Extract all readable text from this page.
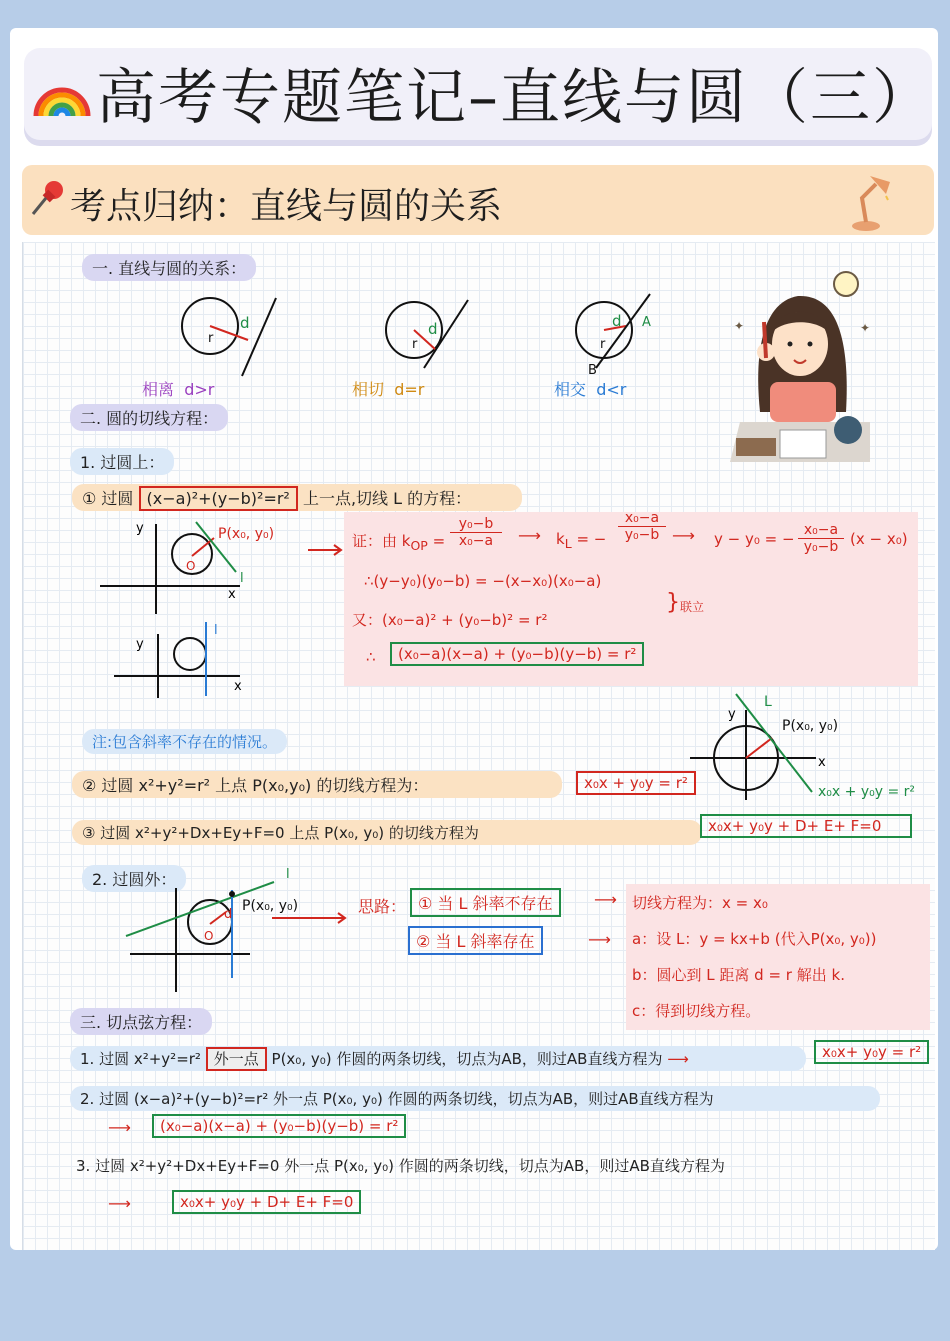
高考专题笔记–直线与圆（三）
考点归纳：直线与圆的关系
一. 直线与圆的关系：
r
d
相离 d>r
r
d
相切 d=r
r
d A
B
相交 d<r
✦	✦
二. 圆的切线方程：
1. 过圆上：
① 过圆 (x−a)²+(y−b)²=r² 上一点,切线 L 的方程：
y
x
O
l
P(x₀, y₀)
y
x
l
证：由 $k_{OP}$ =
y₀−b
x₀−a	⟶ $k_L$ = −
x₀−a
y₀−b ⟶ y − y₀ = − x₀−a
y₀−b (x − x₀)
∴(y−y₀)(y₀−b) = −(x−x₀)(x₀−a)
又：(x₀−a)² + (y₀−b)² = r²
} 联立
∴	(x₀−a)(x−a) + (y₀−b)(y−b) = r²
注:包含斜率不存在的情况。
y
x
L
P(x₀, y₀)
x₀x + y₀y = r²
② 过圆 x²+y²=r² 上点 P(x₀,y₀) 的切线方程为：	x₀x + y₀y = r²
③ 过圆 x²+y²+Dx+Ey+F=0 上点 P(x₀, y₀) 的切线方程为	x₀x+ y₀y + D+ E+ F=0
2. 过圆外：
O
d
l
P(x₀, y₀)	思路： ① 当 L 斜率不存在
② 当 L 斜率存在
⟶
⟶
切线方程为：x = x₀
a：设 L：y = kx+b (代入P(x₀, y₀))
b：圆心到 L 距离 d = r 解出 k.
c：得到切线方程。
三. 切点弦方程：
1. 过圆 x²+y²=r² 外一点 P(x₀, y₀) 作圆的两条切线，切点为AB，则过AB直线方程为 ⟶	x₀x+ y₀y = r²
2. 过圆 (x−a)²+(y−b)²=r² 外一点 P(x₀, y₀) 作圆的两条切线，切点为AB，则过AB直线方程为
⟶	(x₀−a)(x−a) + (y₀−b)(y−b) = r²
3. 过圆 x²+y²+Dx+Ey+F=0 外一点 P(x₀, y₀) 作圆的两条切线，切点为AB，则过AB直线方程为
⟶	x₀x+ y₀y + D+ E+ F=0
